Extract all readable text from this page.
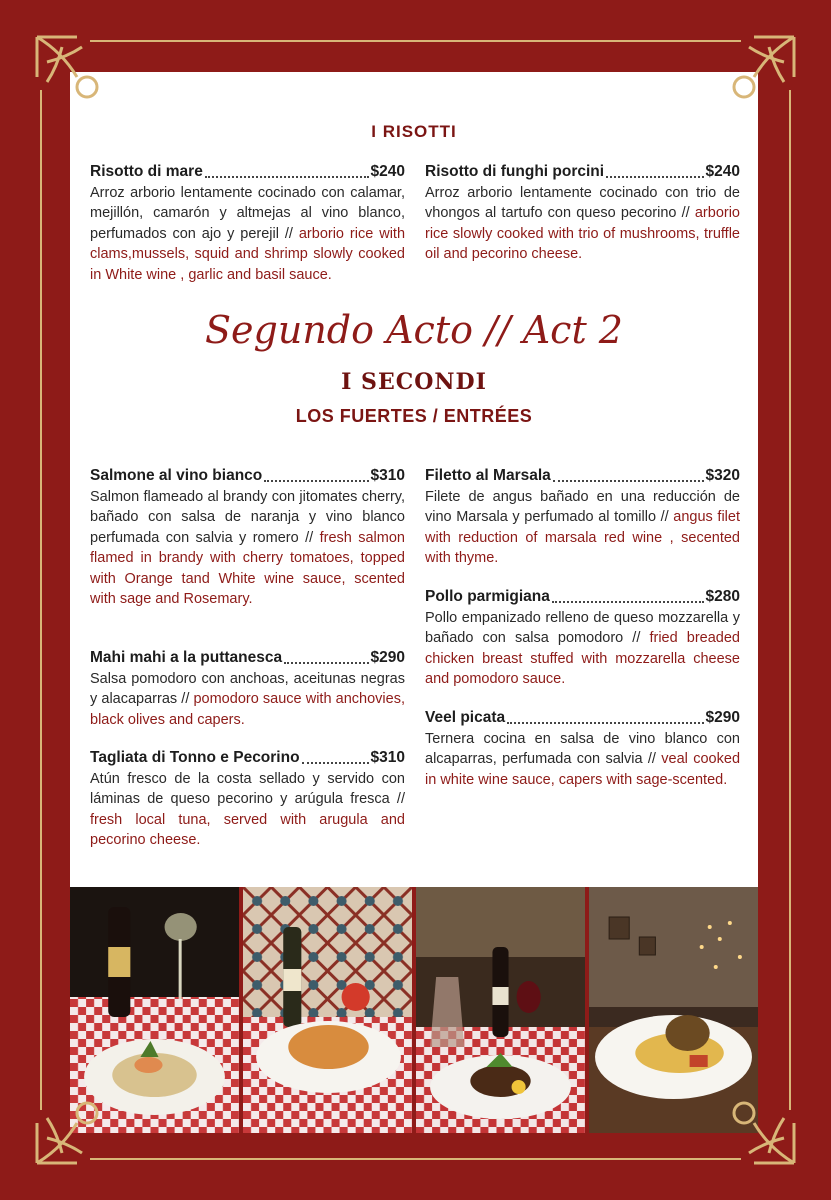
I RISOTTI
Risotto di mare	$240
Arroz arborio lentamente cocinado con calamar, mejillón, camarón y altmejas al vino blanco, perfumados con ajo y perejil // arborio rice with clams,mussels, squid and shrimp slowly cooked in White wine , garlic and basil sauce.
Risotto di funghi porcini	$240
Arroz arborio lentamente cocinado con trio de vhongos al tartufo con queso pecorino // arborio rice slowly cooked with trio of mushrooms, truffle oil and pecorino cheese.
Segundo Acto // Act 2
I SECONDI
LOS FUERTES / ENTRÉES
Salmone al vino bianco	$310
Salmon flameado al brandy con jitomates cherry, bañado con salsa de naranja y vino blanco perfumada con salvia y romero // fresh salmon flamed in brandy with cherry tomatoes, topped with Orange tand White wine sauce, scented with sage and Rosemary.
Mahi mahi a la puttanesca	$290
Salsa pomodoro con anchoas, aceitunas negras y alacaparras // pomodoro sauce with anchovies, black olives and capers.
Tagliata di Tonno e Pecorino	$310
Atún fresco de la costa sellado y servido con láminas de queso pecorino y arúgula fresca // fresh local tuna, served with arugula and pecorino cheese.
Filetto al Marsala	$320
Filete de angus bañado en una reducción de vino Marsala y perfumado al tomillo // angus filet with reduction of marsala red wine , secented with thyme.
Pollo parmigiana	$280
Pollo empanizado relleno de queso mozzarella y bañado con salsa pomodoro // fried breaded chicken breast stuffed with mozzarella cheese and pomodoro sauce.
Veel picata	$290
Ternera cocina en salsa de vino blanco con alcaparras, perfumada con salvia // veal cooked in white wine sauce, capers with sage-scented.
